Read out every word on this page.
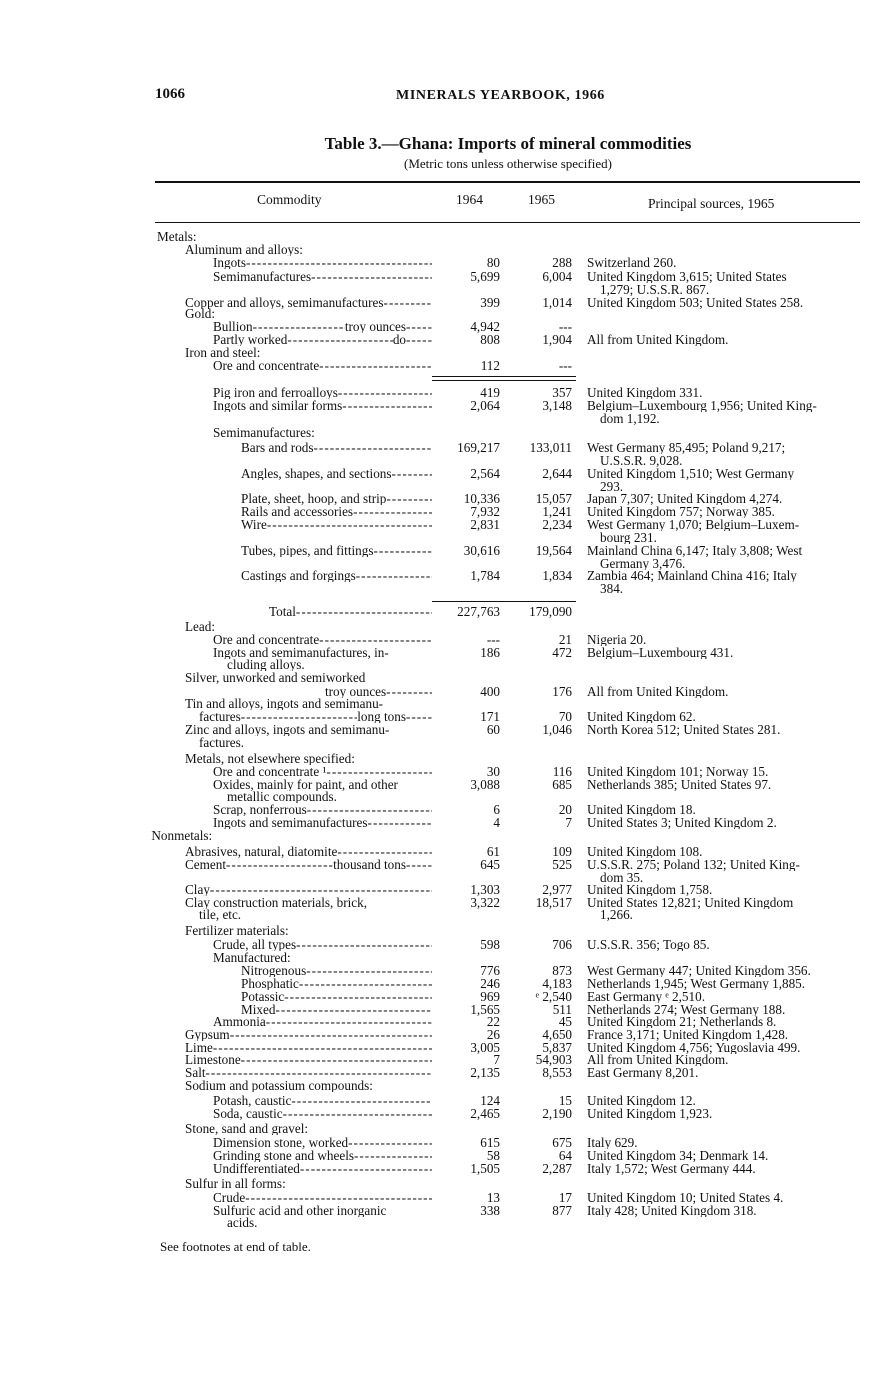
1066	MINERALS YEARBOOK, 1966
Table 3.—Ghana: Imports of mineral commodities
(Metric tons unless otherwise specified)
Commodity	1964	1965	Principal sources, 1965
Metals:
Aluminum and alloys:
Ingots -----	80	288 Switzerland 260.
Semimanufactures -----	5,699	6,004 United Kingdom 3,615; United States
1,279; U.S.S.R. 867.
Copper and alloys, semimanufactures -----	399	1,014 United Kingdom 503; United States 258.
Gold:
Bullion -----	troy ounces -----	4,942	---
Partly worked -----	do -----	808	1,904 All from United Kingdom.
Iron and steel:
Ore and concentrate -----	112	---
Pig iron and ferroalloys -----	419	357 United Kingdom 331.
Ingots and similar forms -----	2,064	3,148 Belgium–Luxembourg 1,956; United King-
dom 1,192.
Semimanufactures:
Bars and rods -----	169,217	133,011 West Germany 85,495; Poland 9,217;
U.S.S.R. 9,028.
Angles, shapes, and sections -----	2,564	2,644 United Kingdom 1,510; West Germany
293.
Plate, sheet, hoop, and strip -----	10,336	15,057 Japan 7,307; United Kingdom 4,274.
Rails and accessories -----	7,932	1,241 United Kingdom 757; Norway 385.
Wire -----	2,831	2,234 West Germany 1,070; Belgium–Luxem-
bourg 231.
Tubes, pipes, and fittings -----	30,616	19,564 Mainland China 6,147; Italy 3,808; West
Germany 3,476.
Castings and forgings -----	1,784	1,834 Zambia 464; Mainland China 416; Italy
384.
Total -----	227,763	179,090
Lead:
Ore and concentrate -----	---	21 Nigeria 20.
Ingots and semimanufactures, in-	186	472 Belgium–Luxembourg 431.
cluding alloys.
Silver, unworked and semiworked
troy ounces -----	400	176 All from United Kingdom.
Tin and alloys, ingots and semimanu-
factures -----	long tons -----	171	70 United Kingdom 62.
Zinc and alloys, ingots and semimanu-	60	1,046 North Korea 512; United States 281.
factures.
Metals, not elsewhere specified:
Ore and concentrate ¹ -----	30	116 United Kingdom 101; Norway 15.
Oxides, mainly for paint, and other	3,088	685 Netherlands 385; United States 97.
metallic compounds.
Scrap, nonferrous -----	6	20 United Kingdom 18.
Ingots and semimanufactures -----	4	7 United States 3; United Kingdom 2.
Nonmetals:
Abrasives, natural, diatomite -----	61	109 United Kingdom 108.
Cement -----	thousand tons -----	645	525 U.S.S.R. 275; Poland 132; United King-
dom 35.
Clay -----	1,303	2,977 United Kingdom 1,758.
Clay construction materials, brick,	3,322	18,517 United States 12,821; United Kingdom
tile, etc.	1,266.
Fertilizer materials:
Crude, all types -----	598	706 U.S.S.R. 356; Togo 85.
Manufactured:
Nitrogenous -----	776	873 West Germany 447; United Kingdom 356.
Phosphatic -----	246	4,183 Netherlands 1,945; West Germany 1,885.
Potassic -----	969	ᵉ 2,540 East Germany ᵉ 2,510.
Mixed -----	1,565	511 Netherlands 274; West Germany 188.
Ammonia -----	22	45 United Kingdom 21; Netherlands 8.
Gypsum -----	26	4,650 France 3,171; United Kingdom 1,428.
Lime -----	3,005	5,837 United Kingdom 4,756; Yugoslavia 499.
Limestone -----	7	54,903 All from United Kingdom.
Salt -----	2,135	8,553 East Germany 8,201.
Sodium and potassium compounds:
Potash, caustic -----	124	15 United Kingdom 12.
Soda, caustic -----	2,465	2,190 United Kingdom 1,923.
Stone, sand and gravel:
Dimension stone, worked -----	615	675 Italy 629.
Grinding stone and wheels -----	58	64 United Kingdom 34; Denmark 14.
Undifferentiated -----	1,505	2,287 Italy 1,572; West Germany 444.
Sulfur in all forms:
Crude -----	13	17 United Kingdom 10; United States 4.
Sulfuric acid and other inorganic	338	877 Italy 428; United Kingdom 318.
acids.
See footnotes at end of table.
